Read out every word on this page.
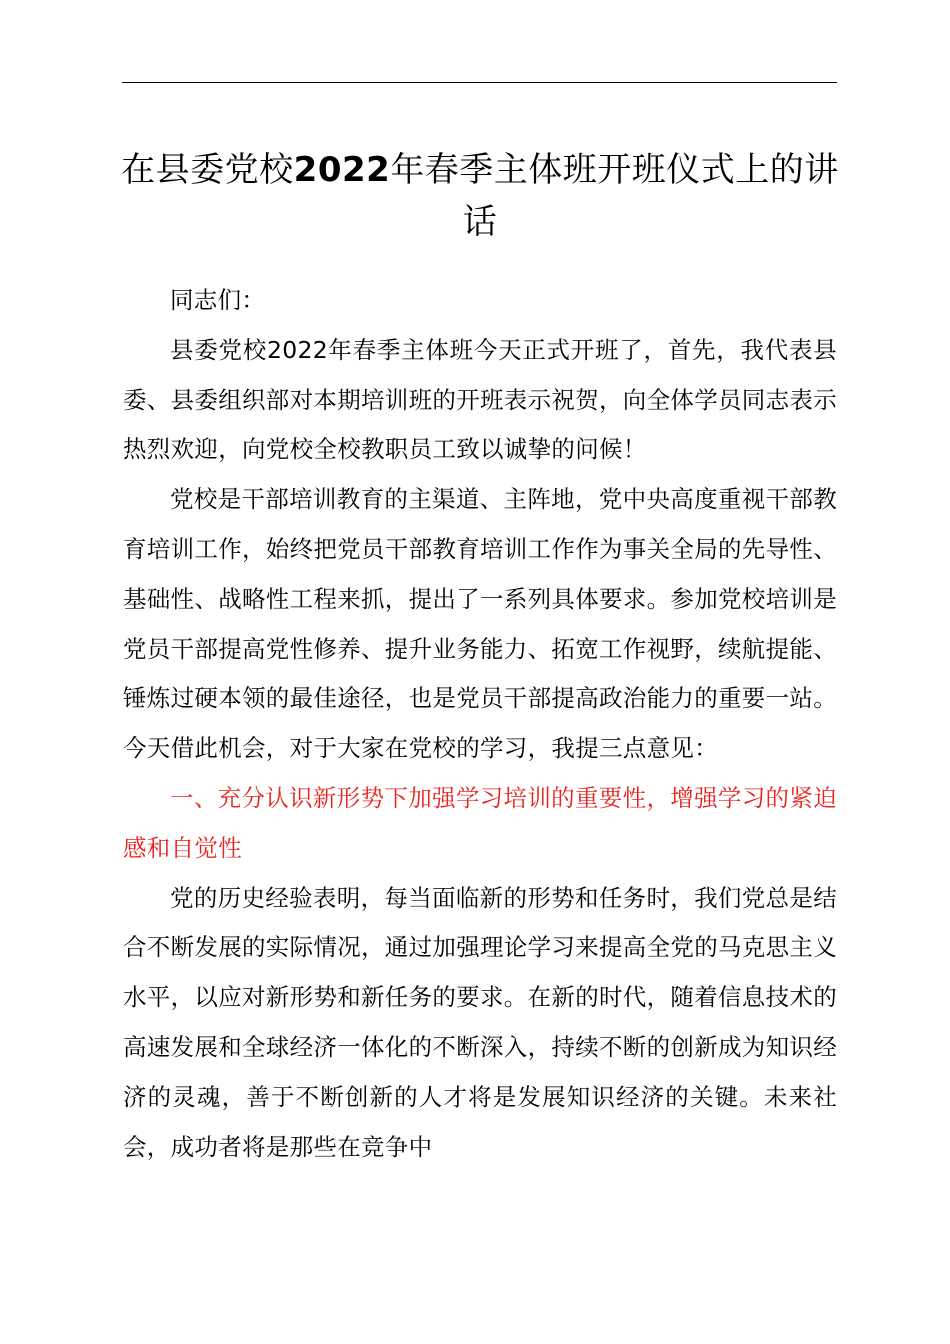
在县委党校2022年春季主体班开班仪式上的讲话

同志们：

县委党校2022年春季主体班今天正式开班了，首先，我代表县委、县委组织部对本期培训班的开班表示祝贺，向全体学员同志表示热烈欢迎，向党校全校教职员工致以诚挚的问候！

党校是干部培训教育的主渠道、主阵地，党中央高度重视干部教育培训工作，始终把党员干部教育培训工作作为事关全局的先导性、基础性、战略性工程来抓，提出了一系列具体要求。参加党校培训是党员干部提高党性修养、提升业务能力、拓宽工作视野，续航提能、锤炼过硬本领的最佳途径，也是党员干部提高政治能力的重要一站。今天借此机会，对于大家在党校的学习，我提三点意见：

一、充分认识新形势下加强学习培训的重要性，增强学习的紧迫感和自觉性

党的历史经验表明，每当面临新的形势和任务时，我们党总是结合不断发展的实际情况，通过加强理论学习来提高全党的马克思主义水平，以应对新形势和新任务的要求。在新的时代，随着信息技术的高速发展和全球经济一体化的不断深入，持续不断的创新成为知识经济的灵魂，善于不断创新的人才将是发展知识经济的关键。未来社会，成功者将是那些在竞争中
